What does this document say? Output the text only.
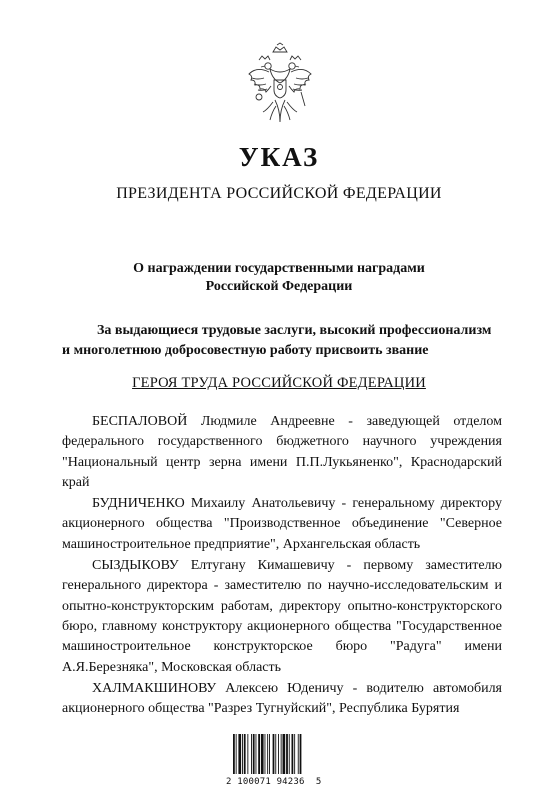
УКАЗ
ПРЕЗИДЕНТА РОССИЙСКОЙ ФЕДЕРАЦИИ
О награждении государственными наградами
Российской Федерации
За выдающиеся трудовые заслуги, высокий профессионализм
и многолетнюю добросовестную работу присвоить звание
ГЕРОЯ ТРУДА РОССИЙСКОЙ ФЕДЕРАЦИИ

БЕСПАЛОВОЙ Людмиле Андреевне - заведующей отделом федерального государственного бюджетного научного учреждения "Национальный центр зерна имени П.П.Лукьяненко", Краснодарский край

БУДНИЧЕНКО Михаилу Анатольевичу - генеральному директору акционерного общества "Производственное объединение "Северное машиностроительное предприятие", Архангельская область

СЫЗДЫКОВУ Елтугану Кимашевичу - первому заместителю генерального директора - заместителю по научно-исследовательским и опытно-конструкторским работам, директору опытно-конструкторского бюро, главному конструктору акционерного общества "Государственное машиностроительное конструкторское бюро "Радуга" имени А.Я.Березняка", Московская область

ХАЛМАКШИНОВУ Алексею Юденичу - водителю автомобиля акционерного общества "Разрез Тугнуйский", Республика Бурятия

2 100071 94236  5
